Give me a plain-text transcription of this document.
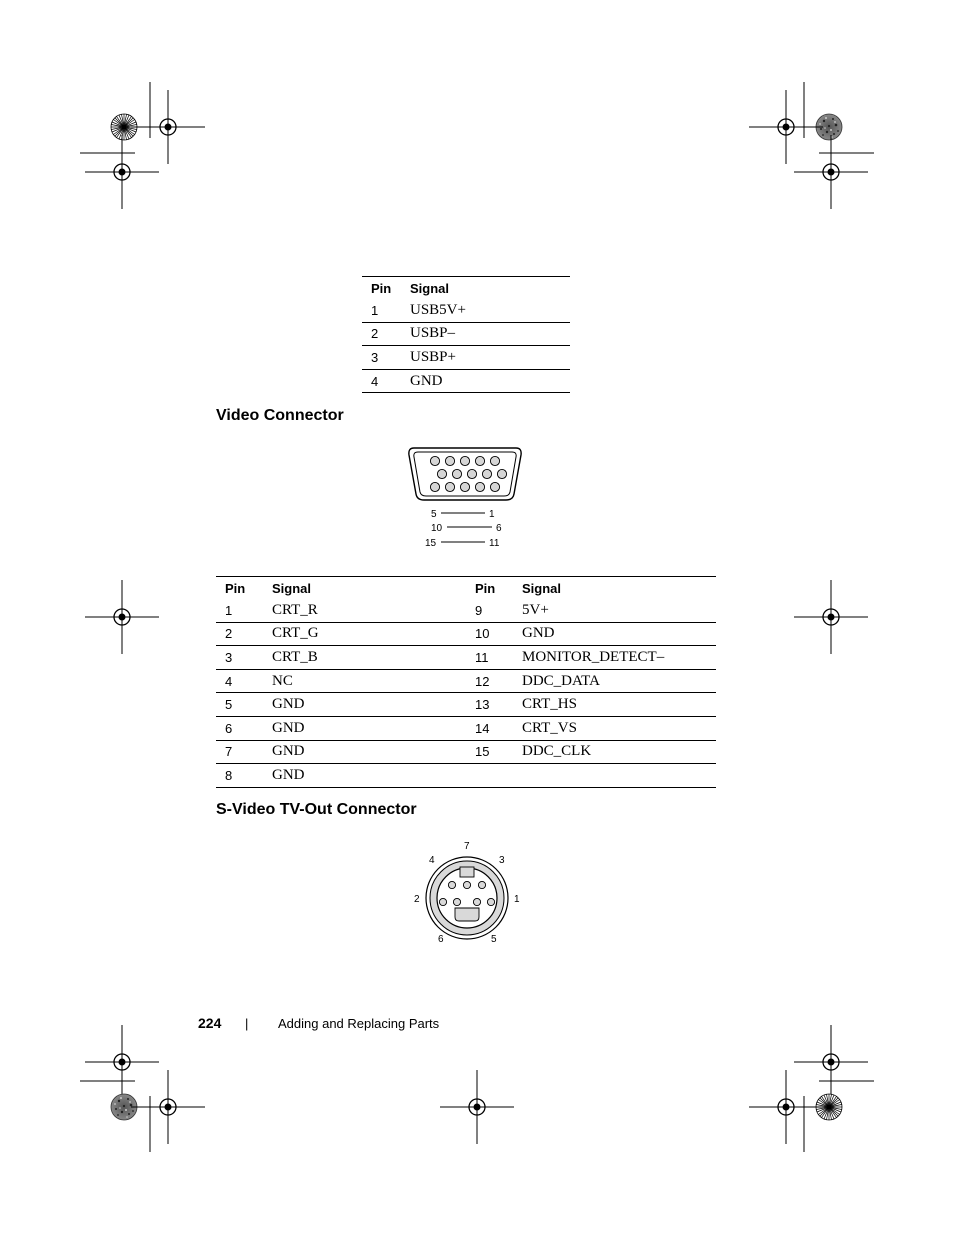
Pin	Signal
1	USB5V+
2	USBP–
3	USBP+
4	GND
Video Connector
5	1
10	6
15	11
Pin	Signal	Pin	Signal
1	CRT_R	9	5V+
2	CRT_G	10	GND
3	CRT_B	11	MONITOR_DETECT–
4	NC	12	DDC_DATA
5	GND	13	CRT_HS
6	GND	14	CRT_VS
7	GND	15	DDC_CLK
8	GND		
S-Video TV-Out Connector
7
4	3
2	1
6	5
224 | Adding and Replacing Parts
